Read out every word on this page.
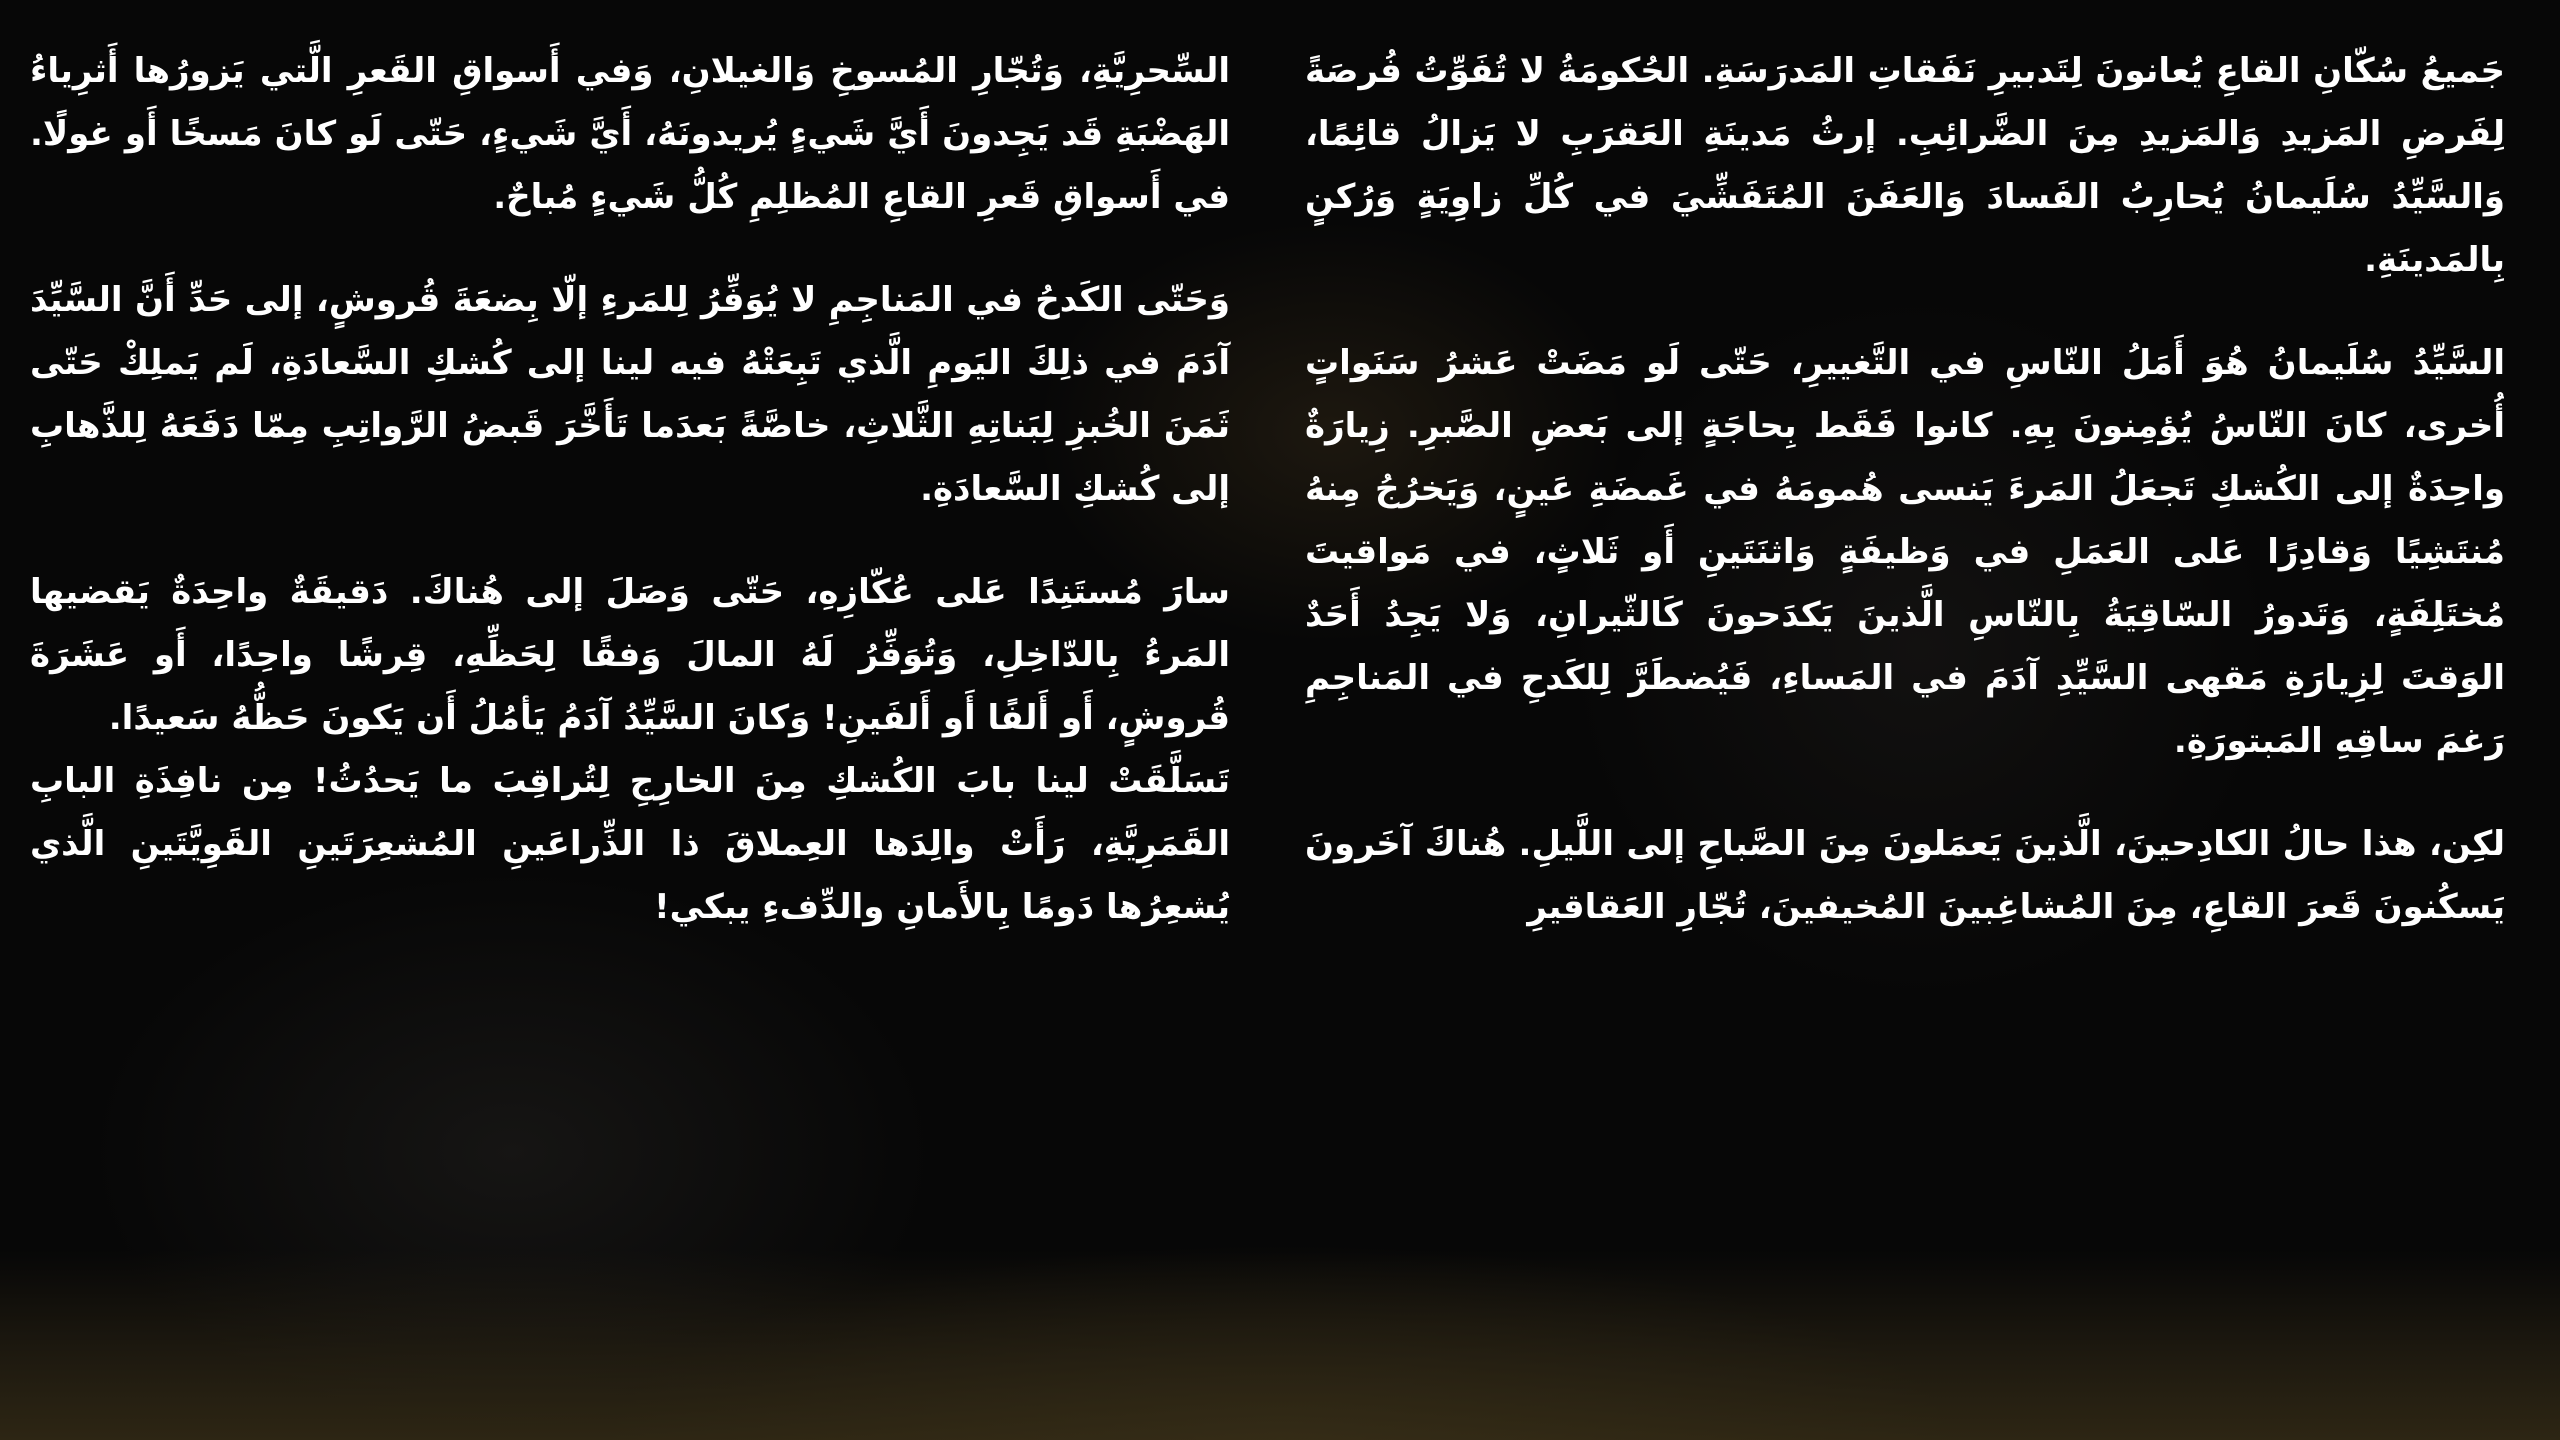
جَميعُ سُكّانِ القاعِ يُعانونَ لِتَدبيرِ نَفَقاتِ المَدرَسَةِ. الحُكومَةُ لا تُفَوِّتُ فُرصَةً لِفَرضِ المَزيدِ وَالمَزيدِ مِنَ الضَّرائِبِ. إرثُ مَدينَةِ العَقرَبِ لا يَزالُ قائِمًا، وَالسَّيِّدُ سُلَيمانُ يُحارِبُ الفَسادَ وَالعَفَنَ المُتَفَشِّيَ في كُلِّ زاوِيَةٍ وَرُكنٍ بِالمَدينَةِ.

السَّيِّدُ سُلَيمانُ هُوَ أَمَلُ النّاسِ في التَّغييرِ، حَتّى لَو مَضَتْ عَشرُ سَنَواتٍ أُخرى، كانَ النّاسُ يُؤمِنونَ بِهِ. كانوا فَقَط بِحاجَةٍ إلى بَعضِ الصَّبرِ. زِيارَةٌ واحِدَةٌ إلى الكُشكِ تَجعَلُ المَرءَ يَنسى هُمومَهُ في غَمضَةِ عَينٍ، وَيَخرُجُ مِنهُ مُنتَشِيًا وَقادِرًا عَلى العَمَلِ في وَظيفَةٍ وَاثنَتَينِ أَو ثَلاثٍ، في مَواقيتَ مُختَلِفَةٍ، وَتَدورُ السّاقِيَةُ بِالنّاسِ الَّذينَ يَكدَحونَ كَالثّيرانِ، وَلا يَجِدُ أَحَدٌ الوَقتَ لِزِيارَةِ مَقهى السَّيِّدِ آدَمَ في المَساءِ، فَيُضطَرَّ لِلكَدحِ في المَناجِمِ رَغمَ ساقِهِ المَبتورَةِ.

لكِن، هذا حالُ الكادِحينَ، الَّذينَ يَعمَلونَ مِنَ الصَّباحِ إلى اللَّيلِ. هُناكَ آخَرونَ يَسكُنونَ قَعرَ القاعِ، مِنَ المُشاغِبينَ المُخيفينَ، تُجّارِ العَقاقيرِ

السِّحرِيَّةِ، وَتُجّارِ المُسوخِ وَالغيلانِ، وَفي أَسواقِ القَعرِ الَّتي يَزورُها أَثرِياءُ الهَضْبَةِ قَد يَجِدونَ أَيَّ شَيءٍ يُريدونَهُ، أَيَّ شَيءٍ، حَتّى لَو كانَ مَسخًا أَو غولًا. في أَسواقِ قَعرِ القاعِ المُظلِمِ كُلُّ شَيءٍ مُباحٌ.

وَحَتّى الكَدحُ في المَناجِمِ لا يُوَفِّرُ لِلمَرءِ إلّا بِضعَةَ قُروشٍ، إلى حَدِّ أَنَّ السَّيِّدَ آدَمَ في ذلِكَ اليَومِ الَّذي تَبِعَتْهُ فيه لينا إلى كُشكِ السَّعادَةِ، لَم يَملِكْ حَتّى ثَمَنَ الخُبزِ لِبَناتِهِ الثَّلاثِ، خاصَّةً بَعدَما تَأَخَّرَ قَبضُ الرَّواتِبِ مِمّا دَفَعَهُ لِلذَّهابِ إلى كُشكِ السَّعادَةِ.

سارَ مُستَنِدًا عَلى عُكّازِهِ، حَتّى وَصَلَ إلى هُناكَ. دَقيقَةٌ واحِدَةٌ يَقضيها المَرءُ بِالدّاخِلِ، وَتُوَفِّرُ لَهُ المالَ وَفقًا لِحَظِّهِ، قِرشًا واحِدًا، أَو عَشَرَةَ قُروشٍ، أَو أَلفًا أَو أَلفَينِ! وَكانَ السَّيِّدُ آدَمُ يَأمُلُ أَن يَكونَ حَظُّهُ سَعيدًا.

تَسَلَّقَتْ لينا بابَ الكُشكِ مِنَ الخارِجِ لِتُراقِبَ ما يَحدُثُ! مِن نافِذَةِ البابِ القَمَرِيَّةِ، رَأَتْ والِدَها العِملاقَ ذا الذِّراعَينِ المُشعِرَتَينِ القَوِيَّتَينِ الَّذي يُشعِرُها دَومًا بِالأَمانِ والدِّفءِ يبكي!
